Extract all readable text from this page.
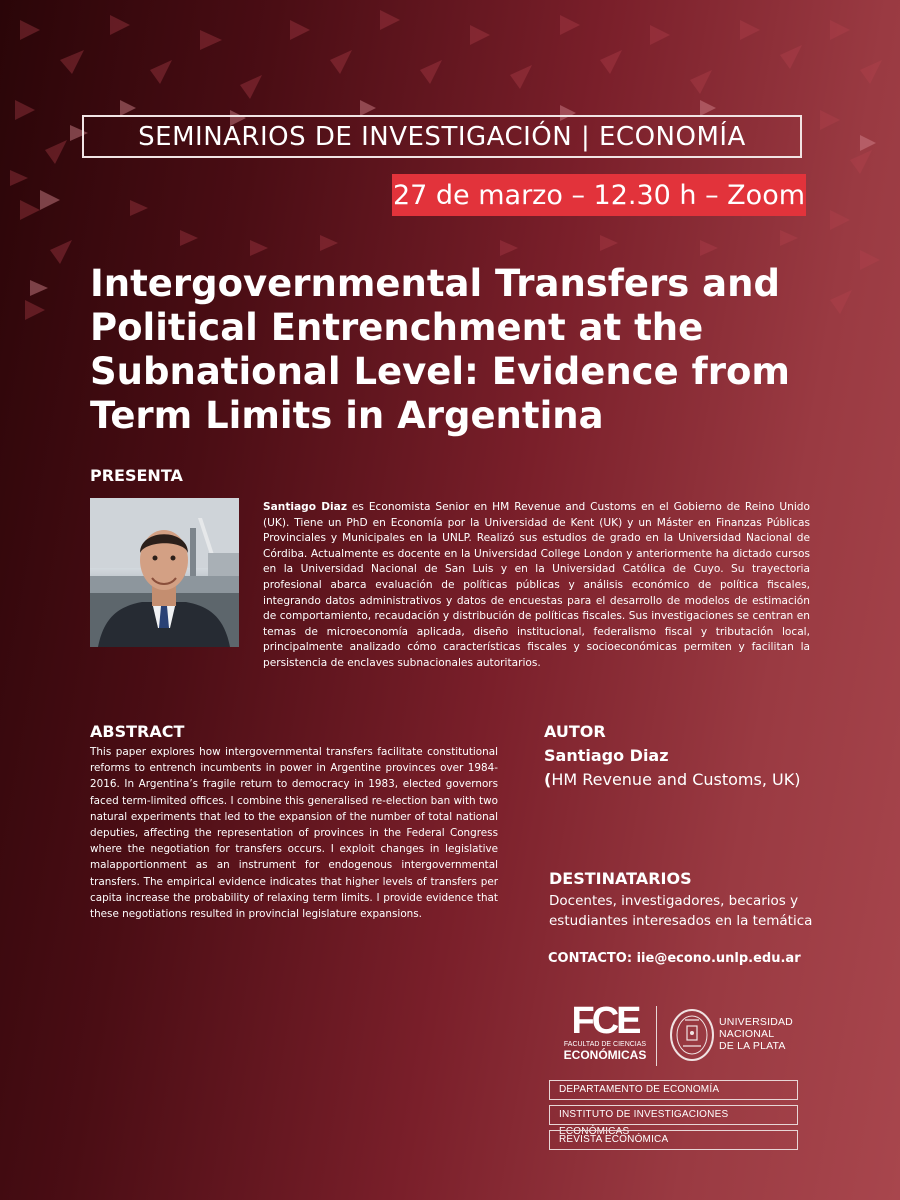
SEMINARIOS DE INVESTIGACIÓN | ECONOMÍA
27 de marzo – 12.30 h – Zoom
Intergovernmental Transfers and Political Entrenchment at the Subnational Level: Evidence from Term Limits in Argentina
PRESENTA
Santiago Diaz es Economista Senior en HM Revenue and Customs en el Gobierno de Reino Unido (UK). Tiene un PhD en Economía por la Universidad de Kent (UK) y un Máster en Finanzas Públicas Provinciales y Municipales en la UNLP. Realizó sus estudios de grado en la Universidad Nacional de Córdiba. Actualmente es docente en la Universidad College London y anteriormente ha dictado cursos en la Universidad Nacional de San Luis y en la Universidad Católica de Cuyo. Su trayectoria profesional abarca evaluación de políticas públicas y análisis económico de política fiscales, integrando datos administrativos y datos de encuestas para el desarrollo de modelos de estimación de comportamiento, recaudación y distribución de políticas fiscales. Sus investigaciones se centran en temas de microeconomía aplicada, diseño institucional, federalismo fiscal y tributación local, principalmente analizado cómo características fiscales y socioeconómicas permiten y facilitan la persistencia de enclaves subnacionales autoritarios.
ABSTRACT
This paper explores how intergovernmental transfers facilitate constitutional reforms to entrench incumbents in power in Argentine provinces over 1984-2016. In Argentina’s fragile return to democracy in 1983, elected governors faced term-limited offices. I combine this generalised re-election ban with two natural experiments that led to the expansion of the number of total national deputies, affecting the representation of provinces in the Federal Congress where the negotiation for transfers occurs. I exploit changes in legislative malapportionment as an instrument for endogenous intergovernmental transfers. The empirical evidence indicates that higher levels of transfers per capita increase the probability of relaxing term limits. I provide evidence that these negotiations resulted in provincial legislature expansions.
AUTOR
Santiago Diaz
(HM Revenue and Customs, UK)
DESTINATARIOS
Docentes, investigadores, becarios y
estudiantes interesados en la temática
CONTACTO: iie@econo.unlp.edu.ar
FCE
FACULTAD DE CIENCIAS
ECONÓMICAS
UNIVERSIDAD
NACIONAL
DE LA PLATA
DEPARTAMENTO DE ECONOMÍA
INSTITUTO DE INVESTIGACIONES ECONÓMICAS
REVISTA ECONÓMICA
